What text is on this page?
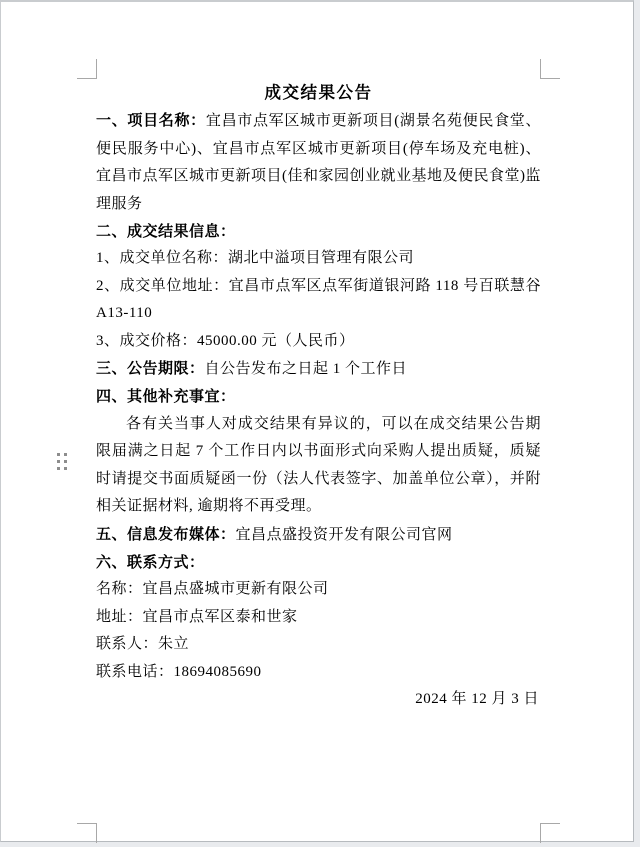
成交结果公告

一、项目名称：宜昌市点军区城市更新项目(湖景名苑便民食堂、便民服务中心)、宜昌市点军区城市更新项目(停车场及充电桩)、宜昌市点军区城市更新项目(佳和家园创业就业基地及便民食堂)监理服务

二、成交结果信息：

1、成交单位名称：湖北中溢项目管理有限公司

2、成交单位地址：宜昌市点军区点军街道银河路 118 号百联慧谷 A13-110

3、成交价格：45000.00 元（人民币）

三、公告期限：自公告发布之日起 1 个工作日

四、其他补充事宜：

各有关当事人对成交结果有异议的，可以在成交结果公告期限届满之日起 7 个工作日内以书面形式向采购人提出质疑，质疑时请提交书面质疑函一份（法人代表签字、加盖单位公章），并附相关证据材料, 逾期将不再受理。

五、信息发布媒体：宜昌点盛投资开发有限公司官网

六、联系方式：

名称：宜昌点盛城市更新有限公司

地址：宜昌市点军区泰和世家

联系人：朱立

联系电话：18694085690

2024 年 12 月 3 日
